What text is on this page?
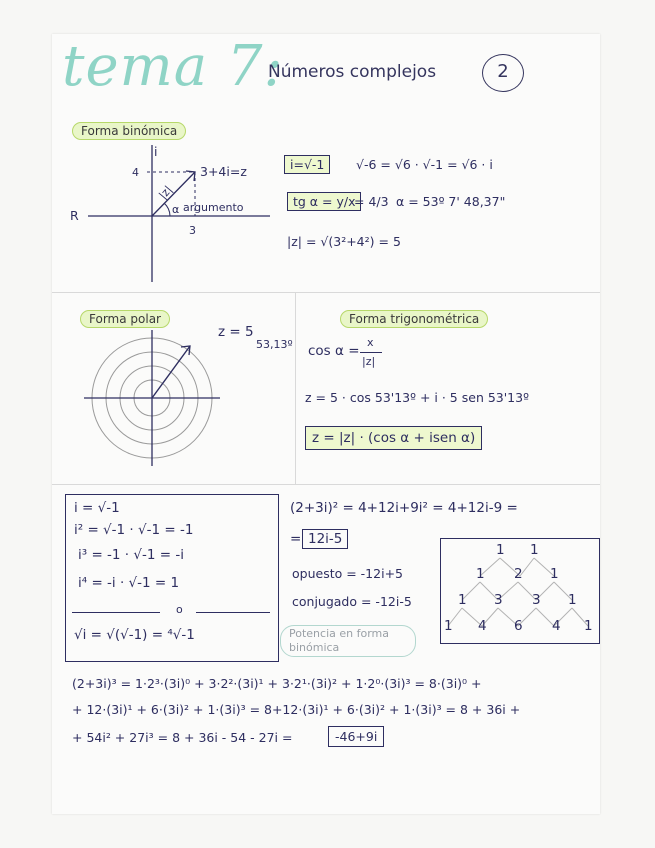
tema 7:
Números complejos	2
Forma binómica
i
R
4
3
3+4i=z
|z|
α argumento
i=√-1	√-6 = √6 · √-1 = √6 · i
tg α = y/x
= 4/3 α = 53º 7' 48,37"
|z| = √(3²+4²) = 5
Forma polar
z = 5
53,13º
Forma trigonométrica
cos α =
x
|z|
z = 5 · cos 53'13º + i · 5 sen 53'13º
z = |z| · (cos α + isen α)
i = √-1
i² = √-1 · √-1 = -1
i³ = -1 · √-1 = -i
i⁴ = -i · √-1 = 1
o
√i = √(√-1) = ⁴√-1
(2+3i)² = 4+12i+9i² = 4+12i-9 =
= 12i-5
opuesto = -12i+5
conjugado = -12i-5
Potencia en forma
binómica
1 1
1 2 1
1 3 3 1
1 4 6 4 1
(2+3i)³ = 1·2³·(3i)⁰ + 3·2²·(3i)¹ + 3·2¹·(3i)² + 1·2⁰·(3i)³ = 8·(3i)⁰ +
+ 12·(3i)¹ + 6·(3i)² + 1·(3i)³ = 8+12·(3i)¹ + 6·(3i)² + 1·(3i)³ = 8 + 36i +
+ 54i² + 27i³ = 8 + 36i - 54 - 27i =	-46+9i
